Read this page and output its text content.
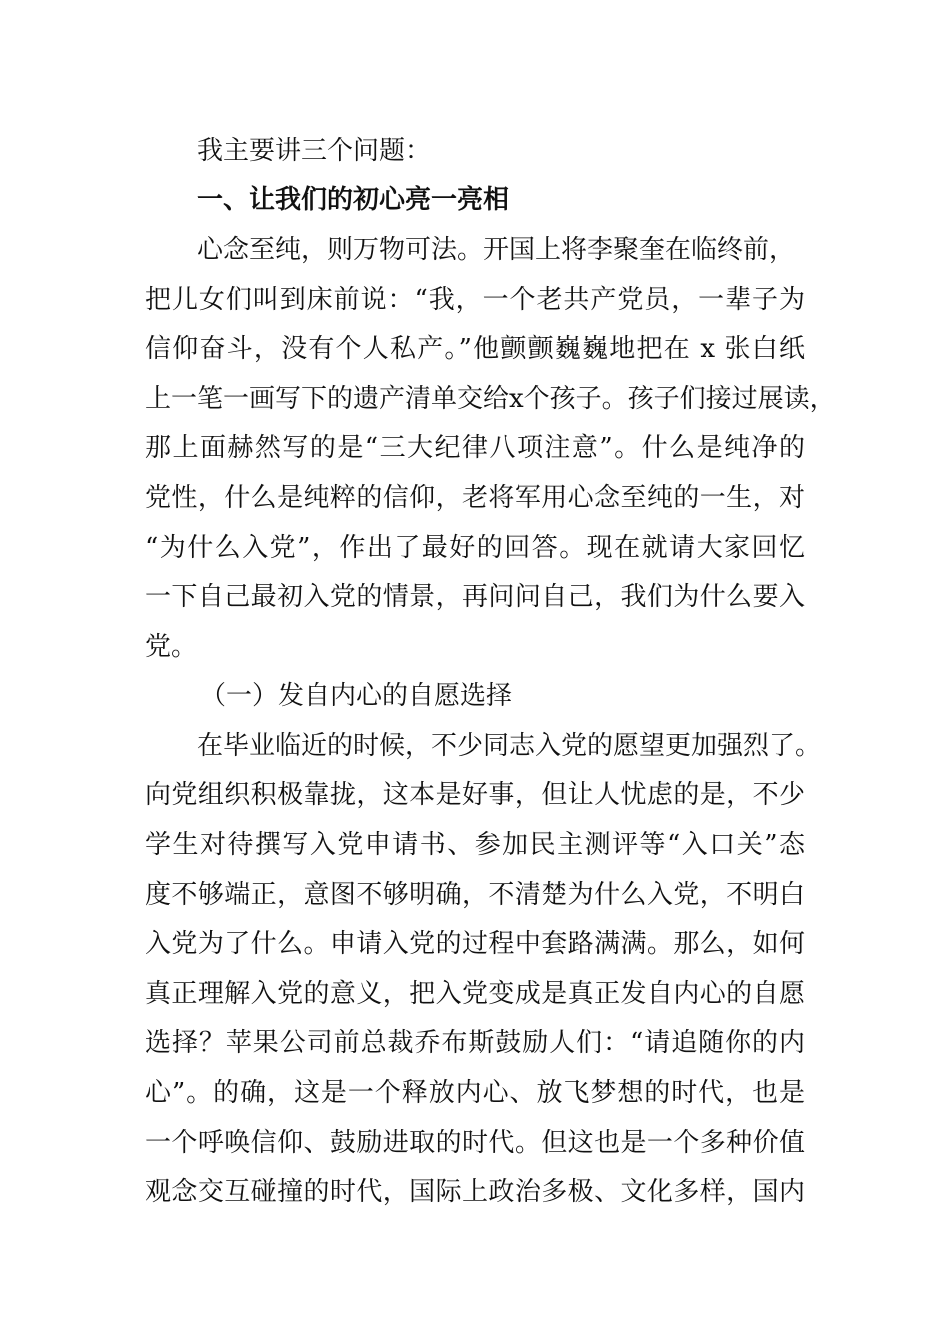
我主要讲三个问题：
一、让我们的初心亮一亮相
心念至纯，则万物可法。开国上将李聚奎在临终前，
把儿女们叫到床前说：“我，一个老共产党员，一辈子为
信仰奋斗，没有个人私产。”他颤颤巍巍地把在 x 张白纸
上一笔一画写下的遗产清单交给x个孩子。孩子们接过展读，
那上面赫然写的是“三大纪律八项注意”。什么是纯净的
党性，什么是纯粹的信仰，老将军用心念至纯的一生，对
“为什么入党”，作出了最好的回答。现在就请大家回忆
一下自己最初入党的情景，再问问自己，我们为什么要入
党。
（一）发自内心的自愿选择
在毕业临近的时候，不少同志入党的愿望更加强烈了。
向党组织积极靠拢，这本是好事，但让人忧虑的是，不少
学生对待撰写入党申请书、参加民主测评等“入口关”态
度不够端正，意图不够明确，不清楚为什么入党，不明白
入党为了什么。申请入党的过程中套路满满。那么，如何
真正理解入党的意义，把入党变成是真正发自内心的自愿
选择？苹果公司前总裁乔布斯鼓励人们：“请追随你的内
心”。的确，这是一个释放内心、放飞梦想的时代，也是
一个呼唤信仰、鼓励进取的时代。但这也是一个多种价值
观念交互碰撞的时代，国际上政治多极、文化多样，国内
